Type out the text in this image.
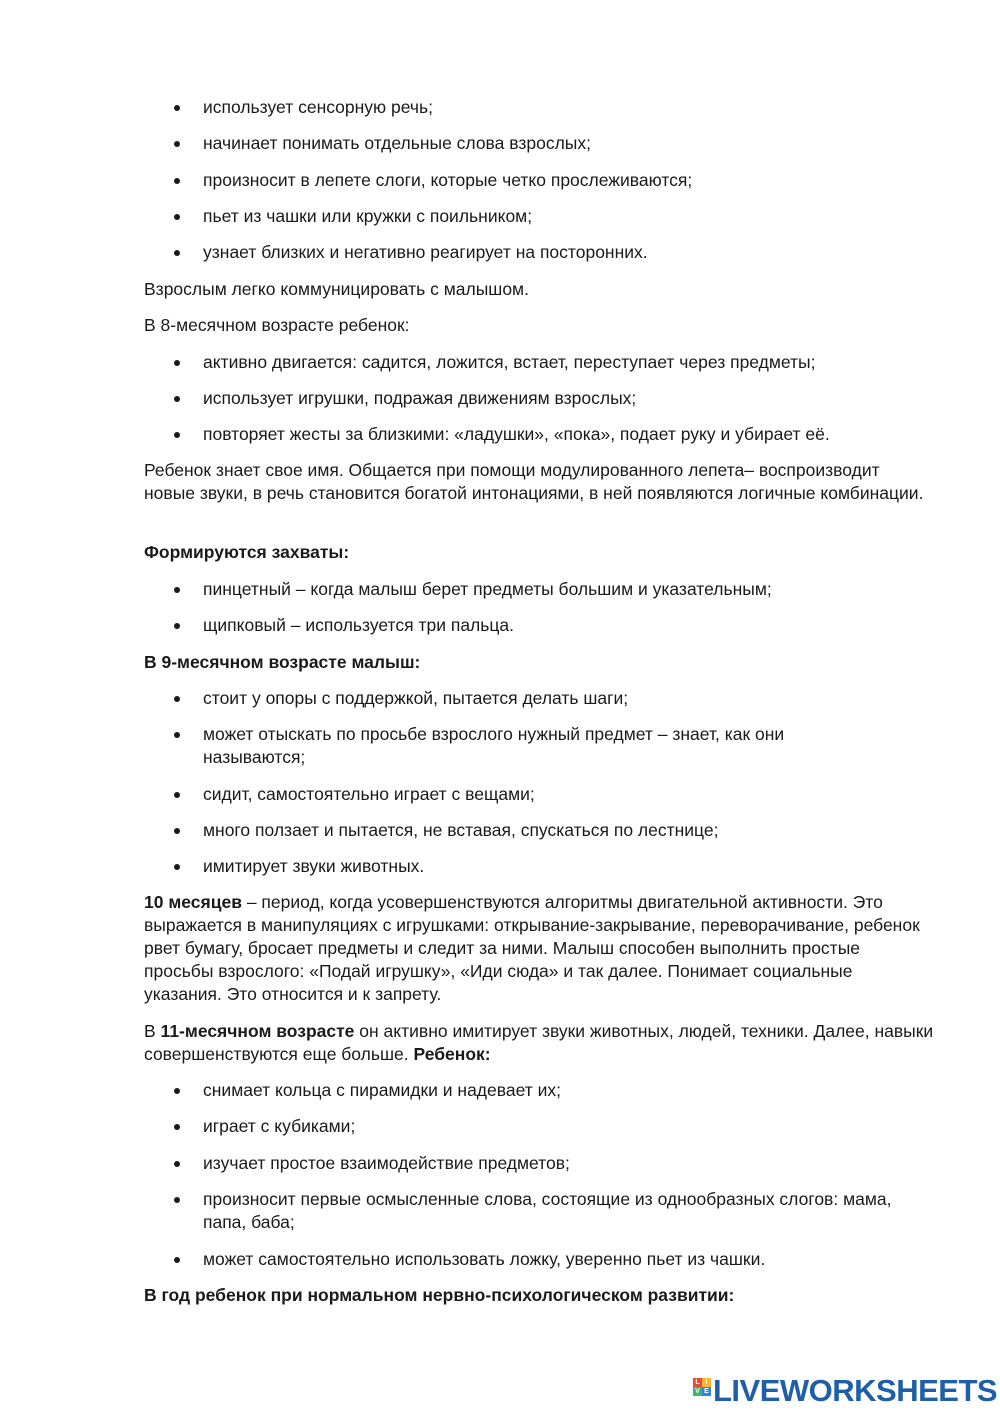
использует сенсорную речь;

начинает понимать отдельные слова взрослых;

произносит в лепете слоги, которые четко прослеживаются;

пьет из чашки или кружки с поильником;

узнает близких и негативно реагирует на посторонних.

Взрослым легко коммуницировать с малышом.

В 8-месячном возрасте ребенок:

активно двигается: садится, ложится, встает, переступает через предметы;

использует игрушки, подражая движениям взрослых;

повторяет жесты за близкими: «ладушки», «пока», подает руку и убирает её.

Ребенок знает свое имя. Общается при помощи модулированного лепета– воспроизводит новые звуки, в речь становится богатой интонациями, в ней появляются логичные комбинации.

Формируются захваты:

пинцетный – когда малыш берет предметы большим и указательным;

щипковый – используется три пальца.

В 9-месячном возрасте малыш:

стоит у опоры с поддержкой, пытается делать шаги;

может отыскать по просьбе взрослого нужный предмет – знает, как они называются;

сидит, самостоятельно играет с вещами;

много ползает и пытается, не вставая, спускаться по лестнице;

имитирует звуки животных.

10 месяцев – период, когда усовершенствуются алгоритмы двигательной активности. Это выражается в манипуляциях с игрушками: открывание-закрывание, переворачивание, ребенок рвет бумагу, бросает предметы и следит за ними. Малыш способен выполнить простые просьбы взрослого: «Подай игрушку», «Иди сюда» и так далее. Понимает социальные указания. Это относится и к запрету.

В 11-месячном возрасте он активно имитирует звуки животных, людей, техники. Далее, навыки совершенствуются еще больше. Ребенок:

снимает кольца с пирамидки и надевает их;

играет с кубиками;

изучает простое взаимодействие предметов;

произносит первые осмысленные слова, состоящие из однообразных слогов: мама, папа, баба;

может самостоятельно использовать ложку, уверенно пьет из чашки.

В год ребенок при нормальном нервно-психологическом развитии:

L I
V E LIVEWORKSHEETS
